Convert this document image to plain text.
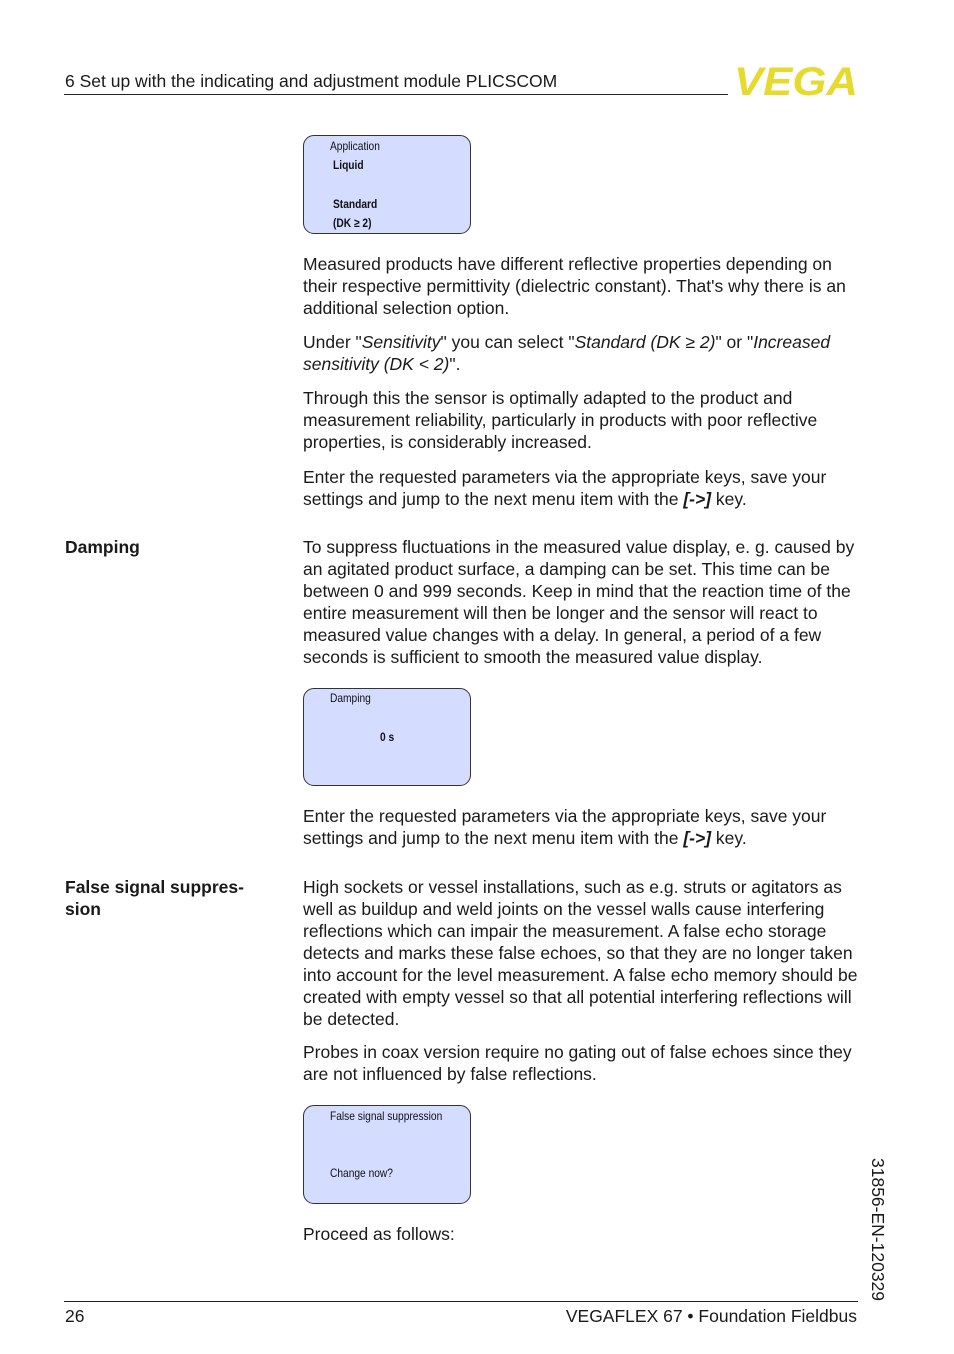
6 Set up with the indicating and adjustment module PLICSCOM	VEGA
Application
Liquid
Standard
(DK ≥ 2)
Measured products have different reflective properties depending on their respective permittivity (dielectric constant). That's why there is an additional selection option.
Under "Sensitivity" you can select "Standard (DK ≥ 2)" or "Increased sensitivity (DK < 2)".
Through this the sensor is optimally adapted to the product and measurement reliability, particularly in products with poor reflective properties, is considerably increased.
Enter the requested parameters via the appropriate keys, save your settings and jump to the next menu item with the [->] key.
Damping	To suppress fluctuations in the measured value display, e. g. caused by an agitated product surface, a damping can be set. This time can be between 0 and 999 seconds. Keep in mind that the reaction time of the entire measurement will then be longer and the sensor will react to measured value changes with a delay. In general, a period of a few seconds is sufficient to smooth the measured value display.
Damping
0 s
Enter the requested parameters via the appropriate keys, save your settings and jump to the next menu item with the [->] key.
False signal suppres-
sion
High sockets or vessel installations, such as e.g. struts or agitators as well as buildup and weld joints on the vessel walls cause interfering reflections which can impair the measurement. A false echo storage detects and marks these false echoes, so that they are no longer taken into account for the level measurement. A false echo memory should be created with empty vessel so that all potential interfering reflections will be detected.
Probes in coax version require no gating out of false echoes since they are not influenced by false reflections.
False signal suppression
Change now?
Proceed as follows:	31856-EN-120329
26	VEGAFLEX 67 • Foundation Fieldbus
